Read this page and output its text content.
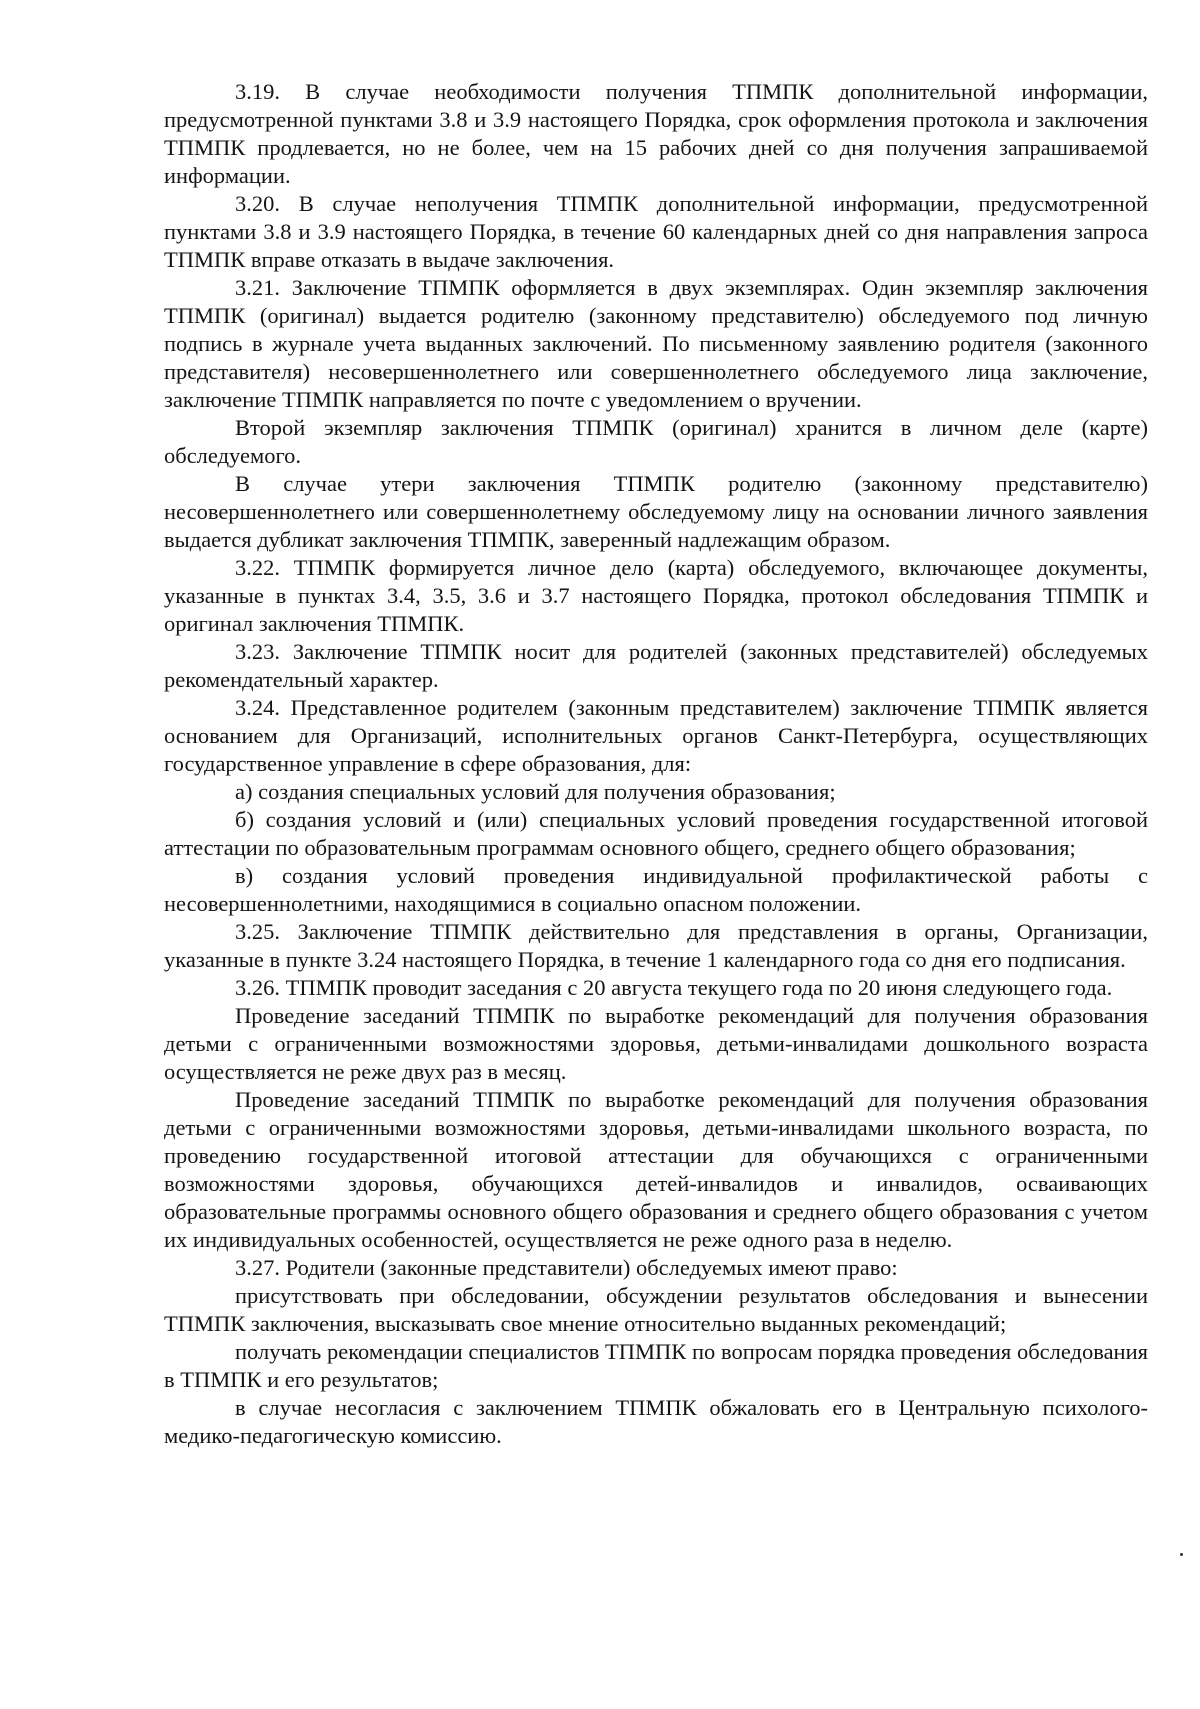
3.19. В случае необходимости получения ТПМПК дополнительной информации, предусмотренной пунктами 3.8 и 3.9 настоящего Порядка, срок оформления протокола и заключения ТПМПК продлевается, но не более, чем на 15 рабочих дней со дня получения запрашиваемой информации.

3.20. В случае неполучения ТПМПК дополнительной информации, предусмотренной пунктами 3.8 и 3.9 настоящего Порядка, в течение 60 календарных дней со дня направления запроса ТПМПК вправе отказать в выдаче заключения.

3.21. Заключение ТПМПК оформляется в двух экземплярах. Один экземпляр заключения ТПМПК (оригинал) выдается родителю (законному представителю) обследуемого под личную подпись в журнале учета выданных заключений. По письменному заявлению родителя (законного представителя) несовершеннолетнего или совершеннолетнего обследуемого лица заключение, заключение ТПМПК направляется по почте с уведомлением о вручении.

Второй экземпляр заключения ТПМПК (оригинал) хранится в личном деле (карте) обследуемого.

В случае утери заключения ТПМПК родителю (законному представителю) несовершеннолетнего или совершеннолетнему обследуемому лицу на основании личного заявления выдается дубликат заключения ТПМПК, заверенный надлежащим образом.

3.22. ТПМПК формируется личное дело (карта) обследуемого, включающее документы, указанные в пунктах 3.4, 3.5, 3.6 и 3.7 настоящего Порядка, протокол обследования ТПМПК и оригинал заключения ТПМПК.

3.23. Заключение ТПМПК носит для родителей (законных представителей) обследуемых рекомендательный характер.

3.24. Представленное родителем (законным представителем) заключение ТПМПК является основанием для Организаций, исполнительных органов Санкт-Петербурга, осуществляющих государственное управление в сфере образования, для:

а) создания специальных условий для получения образования;

б) создания условий и (или) специальных условий проведения государственной итоговой аттестации по образовательным программам основного общего, среднего общего образования;

в) создания условий проведения индивидуальной профилактической работы с несовершеннолетними, находящимися в социально опасном положении.

3.25. Заключение ТПМПК действительно для представления в органы, Организации, указанные в пункте 3.24 настоящего Порядка, в течение 1 календарного года со дня его подписания.

3.26. ТПМПК проводит заседания с 20 августа текущего года по 20 июня следующего года.

Проведение заседаний ТПМПК по выработке рекомендаций для получения образования детьми с ограниченными возможностями здоровья, детьми-инвалидами дошкольного возраста осуществляется не реже двух раз в месяц.

Проведение заседаний ТПМПК по выработке рекомендаций для получения образования детьми с ограниченными возможностями здоровья, детьми-инвалидами школьного возраста, по проведению государственной итоговой аттестации для обучающихся с ограниченными возможностями здоровья, обучающихся детей-инвалидов и инвалидов, осваивающих образовательные программы основного общего образования и среднего общего образования с учетом их индивидуальных особенностей, осуществляется не реже одного раза в неделю.

3.27. Родители (законные представители) обследуемых имеют право:

присутствовать при обследовании, обсуждении результатов обследования и вынесении ТПМПК заключения, высказывать свое мнение относительно выданных рекомендаций;

получать рекомендации специалистов ТПМПК по вопросам порядка проведения обследования в ТПМПК и его результатов;

в случае несогласия с заключением ТПМПК обжаловать его в Центральную психолого-медико-педагогическую комиссию.
